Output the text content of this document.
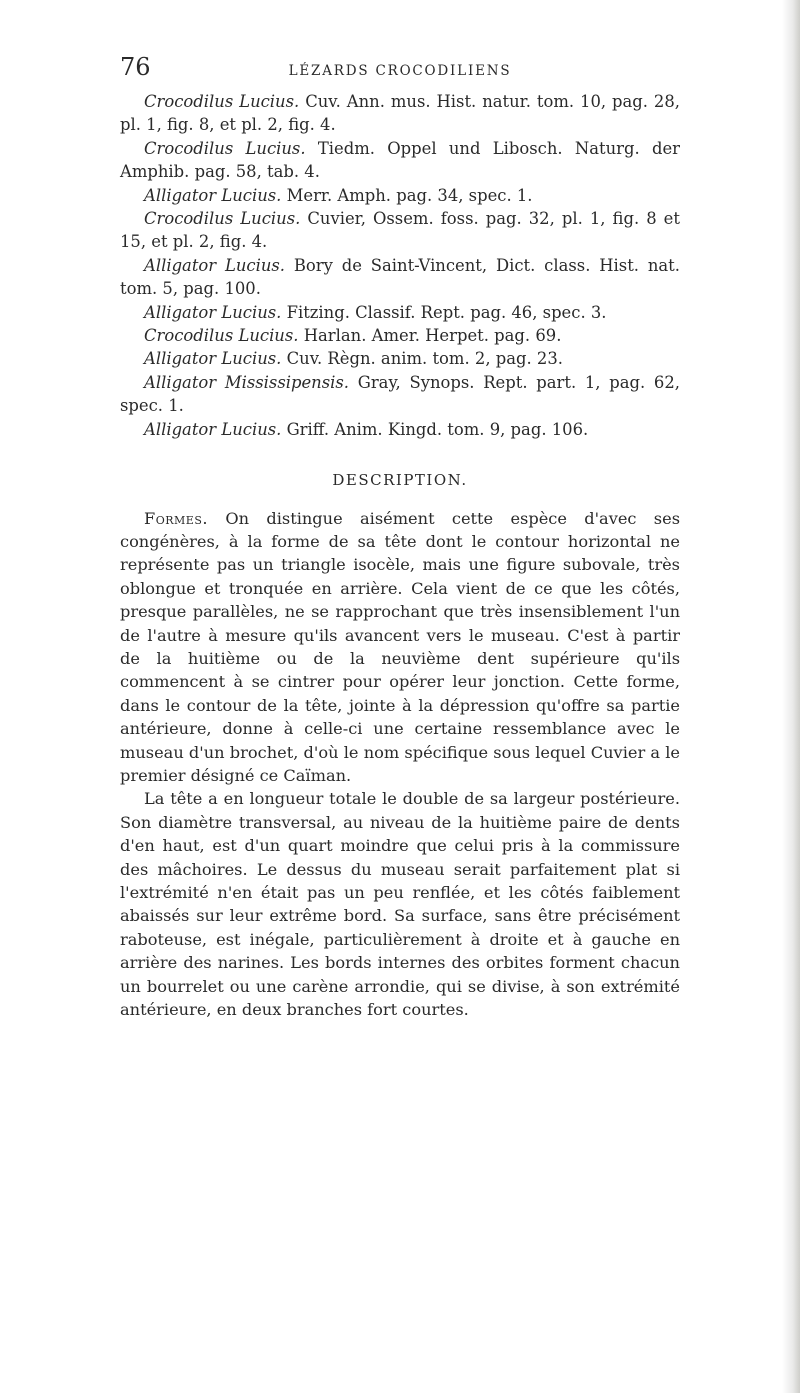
76	LÉZARDS CROCODILIENS

Crocodilus Lucius. Cuv. Ann. mus. Hist. natur. tom. 10, pag. 28, pl. 1, fig. 8, et pl. 2, fig. 4.

Crocodilus Lucius. Tiedm. Oppel und Libosch. Naturg. der Amphib. pag. 58, tab. 4.

Alligator Lucius. Merr. Amph. pag. 34, spec. 1.

Crocodilus Lucius. Cuvier, Ossem. foss. pag. 32, pl. 1, fig. 8 et 15, et pl. 2, fig. 4.

Alligator Lucius. Bory de Saint-Vincent, Dict. class. Hist. nat. tom. 5, pag. 100.

Alligator Lucius. Fitzing. Classif. Rept. pag. 46, spec. 3.

Crocodilus Lucius. Harlan. Amer. Herpet. pag. 69.

Alligator Lucius. Cuv. Règn. anim. tom. 2, pag. 23.

Alligator Mississipensis. Gray, Synops. Rept. part. 1, pag. 62, spec. 1.

Alligator Lucius. Griff. Anim. Kingd. tom. 9, pag. 106.

DESCRIPTION.

Formes. On distingue aisément cette espèce d'avec ses congénères, à la forme de sa tête dont le contour horizontal ne représente pas un triangle isocèle, mais une figure subovale, très oblongue et tronquée en arrière. Cela vient de ce que les côtés, presque parallèles, ne se rapprochant que très insensiblement l'un de l'autre à mesure qu'ils avancent vers le museau. C'est à partir de la huitième ou de la neuvième dent supérieure qu'ils commencent à se cintrer pour opérer leur jonction. Cette forme, dans le contour de la tête, jointe à la dépression qu'offre sa partie antérieure, donne à celle-ci une certaine ressemblance avec le museau d'un brochet, d'où le nom spécifique sous lequel Cuvier a le premier désigné ce Caïman.

La tête a en longueur totale le double de sa largeur postérieure. Son diamètre transversal, au niveau de la huitième paire de dents d'en haut, est d'un quart moindre que celui pris à la commissure des mâchoires. Le dessus du museau serait parfaitement plat si l'extrémité n'en était pas un peu renflée, et les côtés faiblement abaissés sur leur extrême bord. Sa surface, sans être précisément raboteuse, est inégale, particulièrement à droite et à gauche en arrière des narines. Les bords internes des orbites forment chacun un bourrelet ou une carène arrondie, qui se divise, à son extrémité antérieure, en deux branches fort courtes.
